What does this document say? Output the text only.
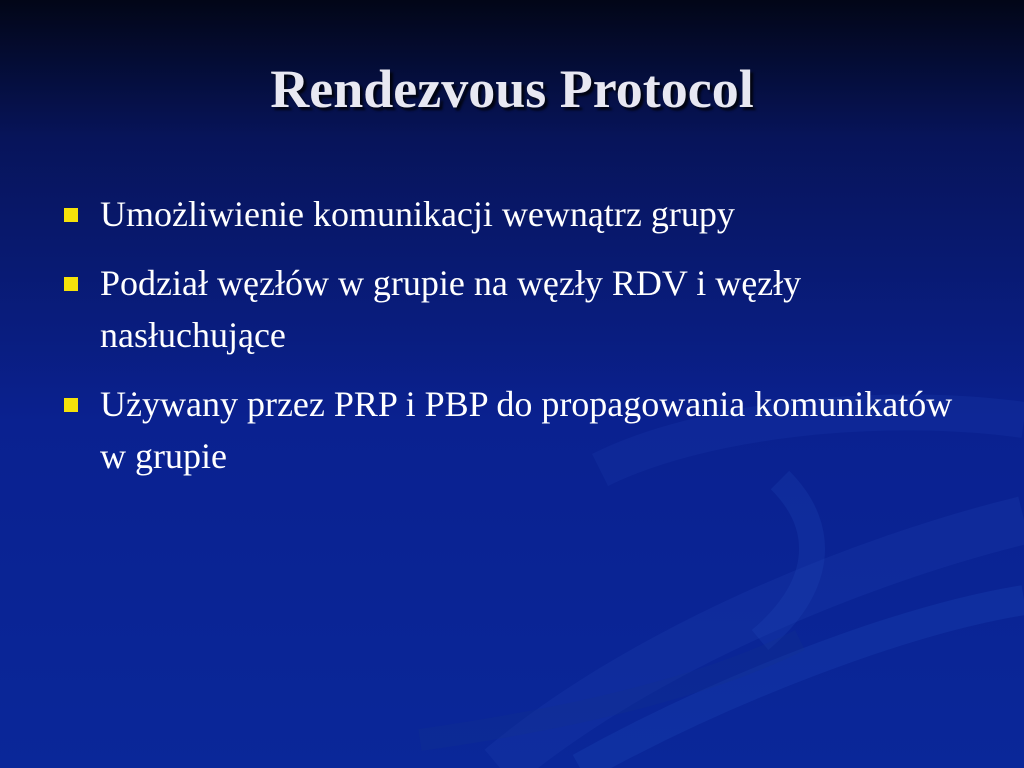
Rendezvous Protocol
Umożliwienie komunikacji wewnątrz grupy
Podział węzłów w grupie na węzły RDV i węzły nasłuchujące
Używany przez PRP i PBP do propagowania komunikatów w grupie
